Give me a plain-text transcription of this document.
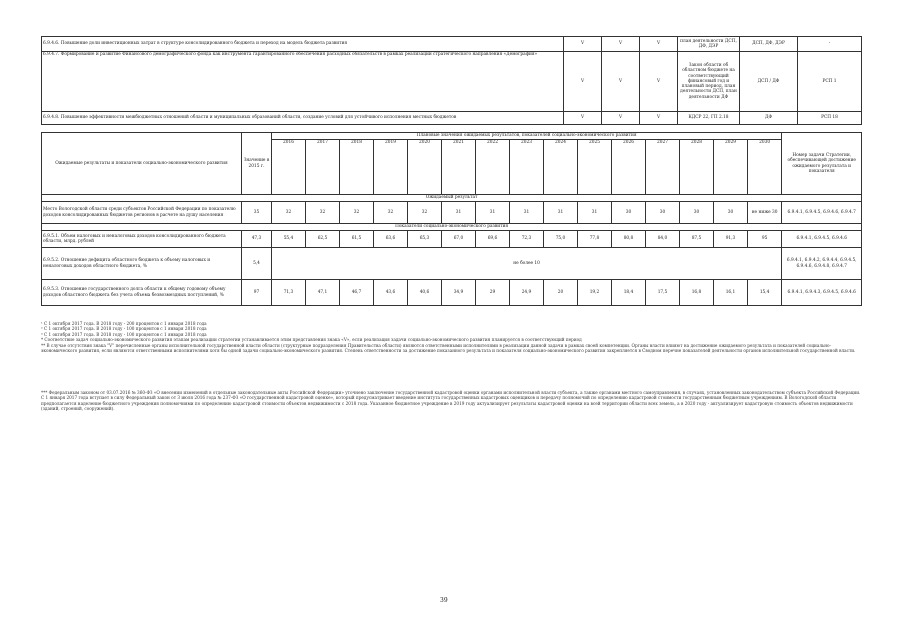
6.9.4.6. Повышение доли инвестиционных затрат в структуре консолидированного бюджета и переход на модель бюджета развития	V	V	V	план деятельности ДСП, ДФ, ДЭР	ДСП, ДФ, ДЭР	-
6.9.4.7. Формирование и развитие Финансового демографического фонда как инструмента гарантированного обеспечения расходных обязательств в рамках реализации стратегического направления «Демография»	V	V	V	Закон области об областном бюджете на соответствующий финансовый год и плановый период, план деятельности ДСП, план деятельности ДФ	ДСП / ДФ	РСП 1
6.9.4.8. Повышение эффективности межбюджетных отношений области и муниципальных образований области, создание условий для устойчивого исполнения местных бюджетов	V	V	V	КДСР 22, ГП 2.18	ДФ	РСП 18
Ожидаемые результаты и показатели социально-экономического развития	Значение в 2015 г.	Плановые значения ожидаемых результатов, показателей социально-экономического развития															Номер задачи Стратегии, обеспечивающей достижение ожидаемого результата и показателя
		2016	2017	2018	2019	2020	2021	2022	2023	2024	2025	2026	2027	2028	2029	2030	
Ожидаемый результат																	
Место Вологодской области среди субъектов Российской Федерации по показателю доходов консолидированных бюджетов регионов в расчете на душу населения	35	32	32	32	32	32	31	31	31	31	31	30	30	30	30	не ниже 30	6.9.4.1, 6.9.4.5, 6.9.4.6, 6.9.4.7
Показатели социально-экономического развития																	
6.9.5.1. Объем налоговых и неналоговых доходов консолидированного бюджета области, млрд. рублей	47,3	55,4	62,5	61,5	63,6	65,3	67,0	69,6	72,3	75,0	77,8	80,8	84,0	87,5	91,3	95	6.9.4.1, 6.9.4.5, 6.9.4.6
6.9.5.2. Отношение дефицита областного бюджета к объему налоговых и неналоговых доходов областного бюджета, %	5,4	не более 10															6.9.4.1, 6.9.4.2, 6.9.4.4, 6.9.4.5, 6.9.4.6, 6.9.4.8, 6.9.4.7
6.9.5.3. Отношение государственного долга области к общему годовому объему доходов областного бюджета без учета объема безвозмездных поступлений, %	97	71,3	47,1	46,7	43,6	40,6	34,9	29	24,9	20	19,2	18,4	17,5	16,8	16,1	15,4	6.9.4.1, 6.9.4.3, 6.9.4.5, 6.9.4.6

¹ С 1 октября 2017 года. В 2018 году - 200 процентов с 1 января 2018 года

² С 1 октября 2017 года. В 2018 году - 100 процентов с 1 января 2018 года

³ С 1 октября 2017 года. В 2018 году - 100 процентов с 1 января 2018 года

* Соответствие задач социально-экономического развития этапам реализации стратегии устанавливается этим представления знака «V», если реализация задачи социально-экономического развития планируется в соответствующий период

** В случае отсутствия знака "V" перечисленные органы исполнительной государственной власти области (структурные подразделения Правительства области) являются ответственными исполнителями в реализации данной задачи в рамках своей компетенции. Органы власти влияют на достижение ожидаемого результата и показателей социально-экономического развития, если являются ответственными исполнителями хотя бы одной задачи социально-экономического развития. Степень ответственности за достижение показанного результата и показателя социально-экономического развития закрепляется в Сводном перечне показателей деятельности органов исполнительной государственной власти.

*** Федеральным законом от 03.07.2016 № 360-ФЗ «О внесении изменений в отдельные законодательные акты Российской Федерации» уточнено заключение государственной кадастровой оценки органами исполнительной власти субъекта, а также органами местного самоуправления, в случаях, установленных законодательством субъекта Российской Федерации. С 1 января 2017 года вступает в силу Федеральный закон от 3 июля 2016 года № 237-ФЗ «О государственной кадастровой оценке», который предусматривает введение института государственных кадастровых оценщиков и передачу полномочий по определению кадастровой стоимости государственным бюджетным учреждениям. В Вологодской области предполагается наделение бюджетного учреждения полномочиями по определению кадастровой стоимости объектов недвижимости с 2018 года. Указанное бюджетное учреждение в 2019 году актуализирует результаты кадастровой оценки на всей территории области всех земель, а в 2020 году - актуализирует кадастровую стоимость объектов недвижимости (зданий, строений, сооружений).

39
